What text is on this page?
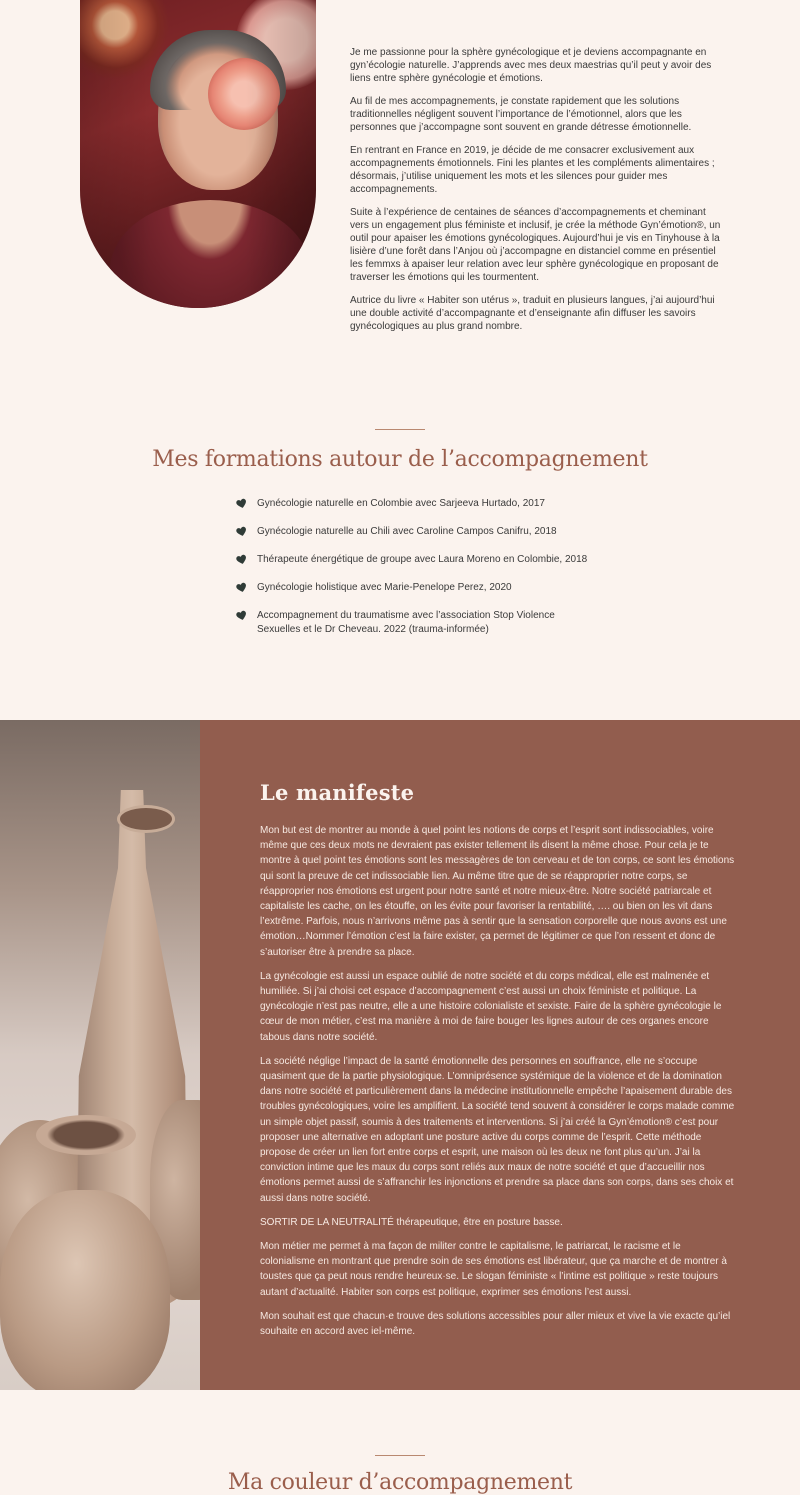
Je me passionne pour la sphère gynécologique et je deviens accompagnante en gyn’écologie naturelle. J’apprends avec mes deux maestrias qu’il peut y avoir des liens entre sphère gynécologie et émotions.

Au fil de mes accompagnements, je constate rapidement que les solutions traditionnelles négligent souvent l’importance de l’émotionnel, alors que les personnes que j’accompagne sont souvent en grande détresse émotionnelle.

En rentrant en France en 2019, je décide de me consacrer exclusivement aux accompagnements émotionnels. Fini les plantes et les compléments alimentaires ; désormais, j’utilise uniquement les mots et les silences pour guider mes accompagnements.

Suite à l’expérience de centaines de séances d’accompagnements et cheminant vers un engagement plus féministe et inclusif, je crée la méthode Gyn’émotion®, un outil pour apaiser les émotions gynécologiques. Aujourd’hui je vis en Tinyhouse à la lisière d’une forêt dans l’Anjou où j’accompagne en distanciel comme en présentiel les femmxs à apaiser leur relation avec leur sphère gynécologique en proposant de traverser les émotions qui les tourmentent.

Autrice du livre « Habiter son utérus », traduit en plusieurs langues, j’ai aujourd’hui une double activité d’accompagnante et d’enseignante afin diffuser les savoirs gynécologiques au plus grand nombre.

Mes formations autour de l’accompagnement
Gynécologie naturelle en Colombie avec Sarjeeva Hurtado, 2017
Gynécologie naturelle au Chili avec Caroline Campos Canifru, 2018
Thérapeute énergétique de groupe avec Laura Moreno en Colombie, 2018
Gynécologie holistique avec Marie-Penelope Perez, 2020
Accompagnement du traumatisme avec l’association Stop Violence Sexuelles et le Dr Cheveau. 2022 (trauma-informée)
Le manifeste

Mon but est de montrer au monde à quel point les notions de corps et l’esprit sont indissociables, voire même que ces deux mots ne devraient pas exister tellement ils disent la même chose. Pour cela je te montre à quel point tes émotions sont les messagères de ton cerveau et de ton corps, ce sont les émotions qui sont la preuve de cet indissociable lien. Au même titre que de se réapproprier notre corps, se réapproprier nos émotions est urgent pour notre santé et notre mieux-être. Notre société patriarcale et capitaliste les cache, on les étouffe, on les évite pour favoriser la rentabilité, …. ou bien on les vit dans l’extrême. Parfois, nous n’arrivons même pas à sentir que la sensation corporelle que nous avons est une émotion…Nommer l’émotion c’est la faire exister, ça permet de légitimer ce que l’on ressent et donc de s’autoriser être à prendre sa place.

La gynécologie est aussi un espace oublié de notre société et du corps médical, elle est malmenée et humiliée. Si j’ai choisi cet espace d’accompagnement c’est aussi un choix féministe et politique. La gynécologie n’est pas neutre, elle a une histoire colonialiste et sexiste. Faire de la sphère gynécologie le cœur de mon métier, c’est ma manière à moi de faire bouger les lignes autour de ces organes encore tabous dans notre société.

La société néglige l’impact de la santé émotionnelle des personnes en souffrance, elle ne s’occupe quasiment que de la partie physiologique. L’omniprésence systémique de la violence et de la domination dans notre société et particulièrement dans la médecine institutionnelle empêche l’apaisement durable des troubles gynécologiques, voire les amplifient. La société tend souvent à considérer le corps malade comme un simple objet passif, soumis à des traitements et interventions. Si j’ai créé la Gyn’émotion® c’est pour proposer une alternative en adoptant une posture active du corps comme de l’esprit. Cette méthode propose de créer un lien fort entre corps et esprit, une maison où les deux ne font plus qu’un. J’ai la conviction intime que les maux du corps sont reliés aux maux de notre société et que d’accueillir nos émotions permet aussi de s’affranchir les injonctions et prendre sa place dans son corps, dans ses choix et aussi dans notre société.

SORTIR DE LA NEUTRALITÉ thérapeutique, être en posture basse.

Mon métier me permet à ma façon de militer contre le capitalisme, le patriarcat, le racisme et le colonialisme en montrant que prendre soin de ses émotions est libérateur, que ça marche et de montrer à toustes que ça peut nous rendre heureux·se. Le slogan féministe « l’intime est politique » reste toujours autant d’actualité. Habiter son corps est politique, exprimer ses émotions l’est aussi.

Mon souhait est que chacun·e trouve des solutions accessibles pour aller mieux et vive la vie exacte qu’iel souhaite en accord avec iel-même.

Ma couleur d’accompagnement
